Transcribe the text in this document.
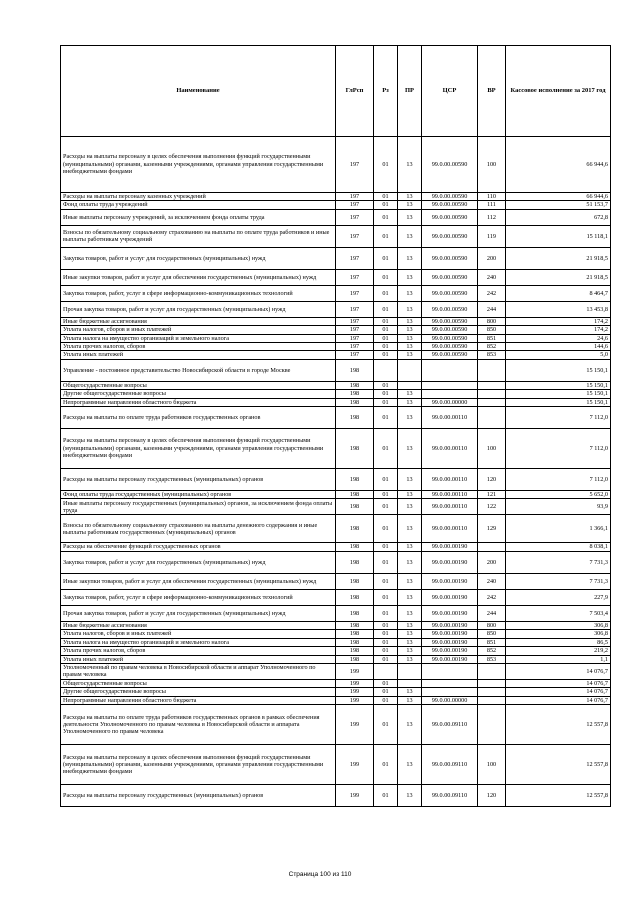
Наименование	ГлРсп	Рз	ПР	ЦСР	ВР	Кассовое исполнение за 2017 год
Расходы на выплаты персоналу в целях обеспечения выполнения функций государственными (муниципальными) органами, казенными учреждениями, органами управления государственными внебюджетными фондами	197	01	13	99.0.00.00590	100	66 944,6
Расходы на выплаты персоналу казенных учреждений	197	01	13	99.0.00.00590	110	66 944,6
Фонд оплаты труда учреждений	197	01	13	99.0.00.00590	111	51 153,7
Иные выплаты персоналу учреждений, за исключением фонда оплаты труда	197	01	13	99.0.00.00590	112	672,8
Взносы по обязательному социальному страхованию на выплаты по оплате труда работников и иные выплаты работникам учреждений	197	01	13	99.0.00.00590	119	15 118,1
Закупка товаров, работ и услуг для государственных (муниципальных) нужд	197	01	13	99.0.00.00590	200	21 918,5
Иные закупки товаров, работ и услуг для обеспечения государственных (муниципальных) нужд	197	01	13	99.0.00.00590	240	21 918,5
Закупка товаров, работ, услуг в сфере информационно-коммуникационных технологий	197	01	13	99.0.00.00590	242	8 464,7
Прочая закупка товаров, работ и услуг для государственных (муниципальных) нужд	197	01	13	99.0.00.00590	244	13 453,8
Иные бюджетные ассигнования	197	01	13	99.0.00.00590	800	174,2
Уплата налогов, сборов и иных платежей	197	01	13	99.0.00.00590	850	174,2
Уплата налога на имущество организаций и земельного налога	197	01	13	99.0.00.00590	851	24,6
Уплата прочих налогов, сборов	197	01	13	99.0.00.00590	852	144,6
Уплата иных платежей	197	01	13	99.0.00.00590	853	5,0
Управление - постоянное представительство Новосибирской области в городе Москве	198					15 150,1
Общегосударственные вопросы	198	01				15 150,1
Другие общегосударственные вопросы	198	01	13			15 150,1
Непрограммные направления областного бюджета	198	01	13	99.0.00.00000		15 150,1
Расходы на выплаты по оплате труда работников государственных органов	198	01	13	99.0.00.00110		7 112,0
Расходы на выплаты персоналу в целях обеспечения выполнения функций государственными (муниципальными) органами, казенными учреждениями, органами управления государственными внебюджетными фондами	198	01	13	99.0.00.00110	100	7 112,0
Расходы на выплаты персоналу государственных (муниципальных) органов	198	01	13	99.0.00.00110	120	7 112,0
Фонд оплаты труда государственных (муниципальных) органов	198	01	13	99.0.00.00110	121	5 652,0
Иные выплаты персоналу государственных (муниципальных) органов, за исключением фонда оплаты труда	198	01	13	99.0.00.00110	122	93,9
Взносы по обязательному социальному страхованию на выплаты денежного содержания и иные выплаты работникам государственных (муниципальных) органов	198	01	13	99.0.00.00110	129	1 366,1
Расходы на обеспечение функций государственных органов	198	01	13	99.0.00.00190		8 038,1
Закупка товаров, работ и услуг для государственных (муниципальных) нужд	198	01	13	99.0.00.00190	200	7 731,3
Иные закупки товаров, работ и услуг для обеспечения государственных (муниципальных) нужд	198	01	13	99.0.00.00190	240	7 731,3
Закупка товаров, работ, услуг в сфере информационно-коммуникационных технологий	198	01	13	99.0.00.00190	242	227,9
Прочая закупка товаров, работ и услуг для государственных (муниципальных) нужд	198	01	13	99.0.00.00190	244	7 503,4
Иные бюджетные ассигнования	198	01	13	99.0.00.00190	800	306,8
Уплата налогов, сборов и иных платежей	198	01	13	99.0.00.00190	850	306,8
Уплата налога на имущество организаций и земельного налога	198	01	13	99.0.00.00190	851	86,5
Уплата прочих налогов, сборов	198	01	13	99.0.00.00190	852	219,2
Уплата иных платежей	198	01	13	99.0.00.00190	853	1,1
Уполномоченный по правам человека в Новосибирской области и аппарат Уполномоченного по правам человека	199					14 076,7
Общегосударственные вопросы	199	01				14 076,7
Другие общегосударственные вопросы	199	01	13			14 076,7
Непрограммные направления областного бюджета	199	01	13	99.0.00.00000		14 076,7
Расходы на выплаты по оплате труда работников государственных органов в рамках обеспечения деятельности Уполномоченного по правам человека в Новосибирской области и аппарата Уполномоченного по правам человека	199	01	13	99.0.00.09110		12 557,8
Расходы на выплаты персоналу в целях обеспечения выполнения функций государственными (муниципальными) органами, казенными учреждениями, органами управления государственными внебюджетными фондами	199	01	13	99.0.00.09110	100	12 557,8
Расходы на выплаты персоналу государственных (муниципальных) органов	199	01	13	99.0.00.09110	120	12 557,8
Страница 100 из 110
